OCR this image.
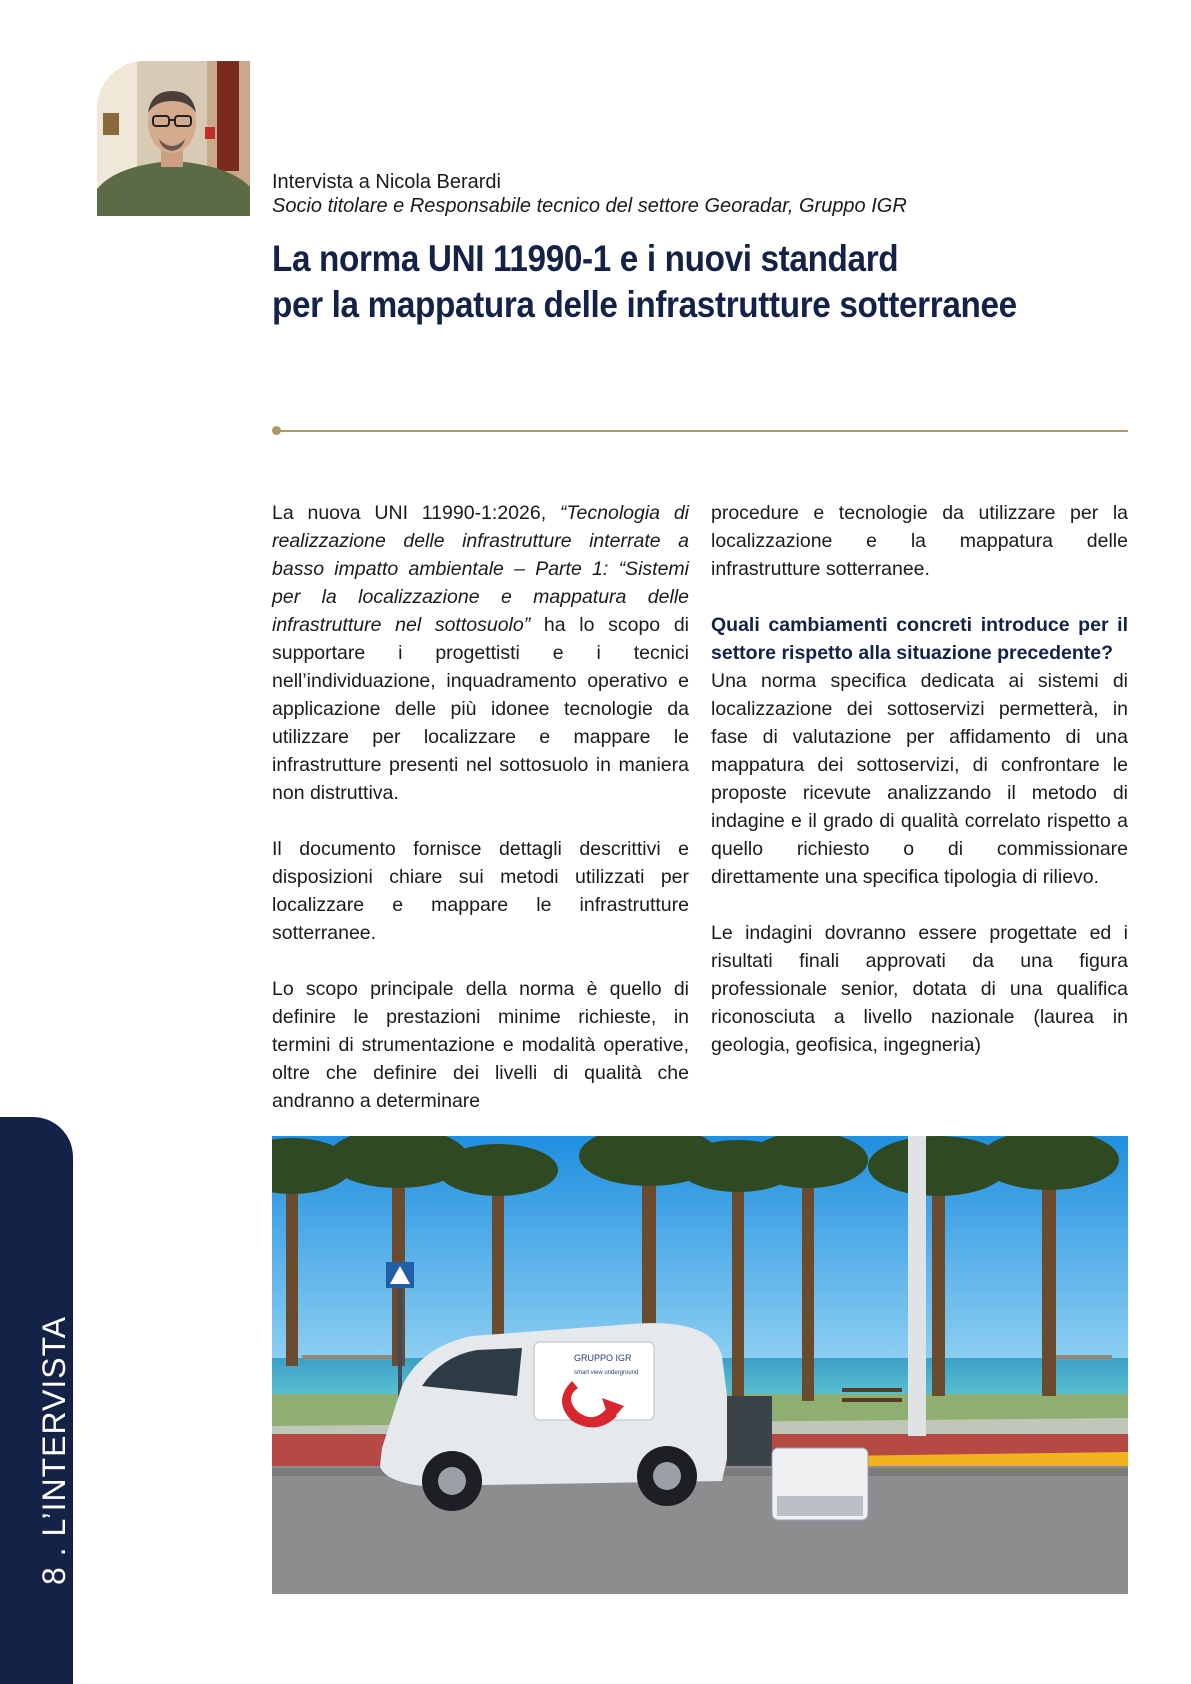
Intervista a Nicola Berardi
Socio titolare e Responsabile tecnico del settore Georadar, Gruppo IGR
La norma UNI 11990-1 e i nuovi standard
per la mappatura delle infrastrutture sotterranee

La nuova UNI 11990-1:2026, “Tecnologia di realizzazione delle infrastrutture interrate a basso impatto ambientale – Parte 1: “Sistemi per la localizzazione e mappatura delle infrastrutture nel sottosuolo” ha lo scopo di supportare i progettisti e i tecnici nell’individuazione, inquadramento operativo e applicazione delle più idonee tecnologie da utilizzare per localizzare e mappare le infrastrutture presenti nel sottosuolo in maniera non distruttiva.

Il documento fornisce dettagli descrittivi e disposizioni chiare sui metodi utilizzati per localizzare e mappare le infrastrutture sotterranee.

Lo scopo principale della norma è quello di definire le prestazioni minime richieste, in termini di strumentazione e modalità operative, oltre che definire dei livelli di qualità che andranno a determinare

procedure e tecnologie da utilizzare per la localizzazione e la mappatura delle infrastrutture sotterranee.

Quali cambiamenti concreti introduce per il settore rispetto alla situazione precedente?

Una norma specifica dedicata ai sistemi di localizzazione dei sottoservizi permetterà, in fase di valutazione per affidamento di una mappatura dei sottoservizi, di confrontare le proposte ricevute analizzando il metodo di indagine e il grado di qualità correlato rispetto a quello richiesto o di commissionare direttamente una specifica tipologia di rilievo.

Le indagini dovranno essere progettate ed i risultati finali approvati da una figura professionale senior, dotata di una qualifica riconosciuta a livello nazionale (laurea in geologia, geofisica, ingegneria)

GRUPPO IGR
smart view underground
8 . L’INTERVISTA
